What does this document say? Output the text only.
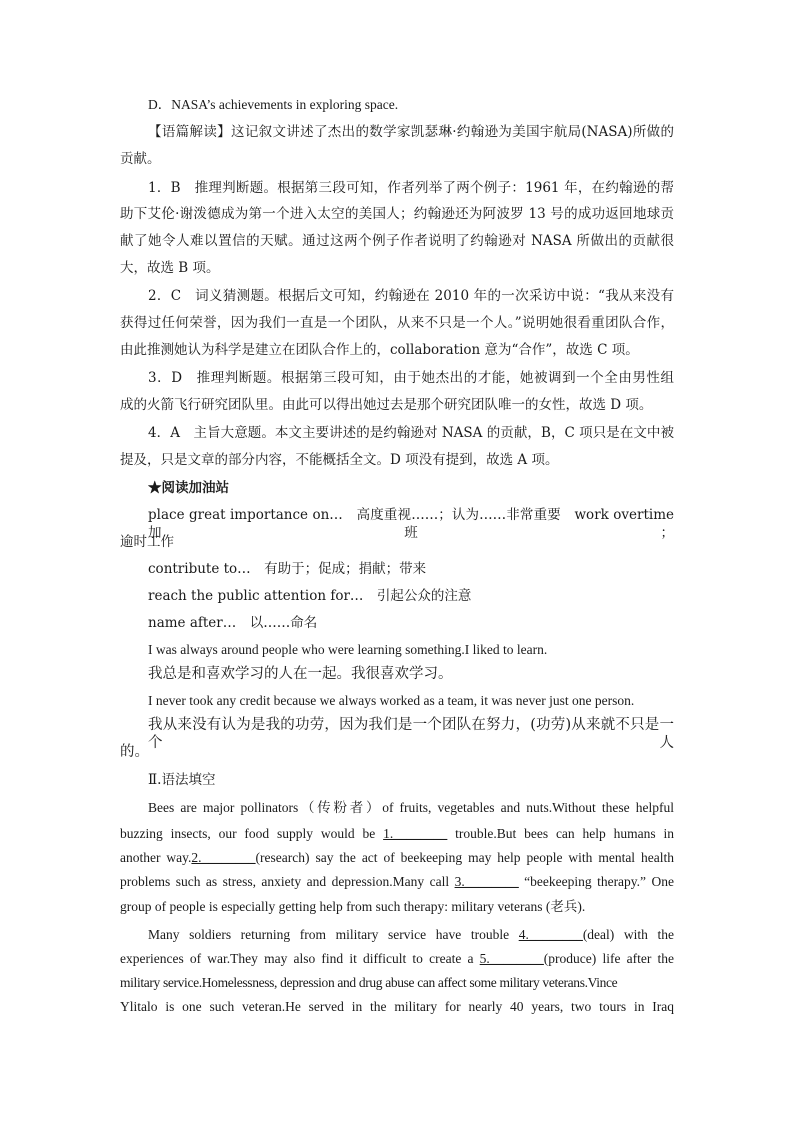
D．NASA’s achievements in exploring space.

【语篇解读】这记叙文讲述了杰出的数学家凯瑟琳·约翰逊为美国宇航局(NASA)所做的

贡献。

1．B　推理判断题。根据第三段可知，作者列举了两个例子：1961 年，在约翰逊的帮

助下艾伦·谢泼德成为第一个进入太空的美国人；约翰逊还为阿波罗 13 号的成功返回地球贡

献了她令人难以置信的天赋。通过这两个例子作者说明了约翰逊对 NASA 所做出的贡献很

大，故选 B 项。

2．C　词义猜测题。根据后文可知，约翰逊在 2010 年的一次采访中说：“我从来没有

获得过任何荣誉，因为我们一直是一个团队，从来不只是一个人。”说明她很看重团队合作，

由此推测她认为科学是建立在团队合作上的，collaboration 意为“合作”，故选 C 项。

3．D　推理判断题。根据第三段可知，由于她杰出的才能，她被调到一个全由男性组

成的火箭飞行研究团队里。由此可以得出她过去是那个研究团队唯一的女性，故选 D 项。

4．A　主旨大意题。本文主要讲述的是约翰逊对 NASA 的贡献，B，C 项只是在文中被

提及，只是文章的部分内容，不能概括全文。D 项没有提到，故选 A 项。

★阅读加油站

place great importance on…　高度重视……；认为……非常重要　work overtime　加班；

逾时工作

contribute to…　有助于；促成；捐献；带来

reach the public attention for…　引起公众的注意

name after…　以……命名

I was always around people who were learning something.I liked to learn.

我总是和喜欢学习的人在一起。我很喜欢学习。

I never took any credit because we always worked as a team, it was never just one person.

我从来没有认为是我的功劳，因为我们是一个团队在努力，(功劳)从来就不只是一个人

的。

Ⅱ.语法填空

Bees are major pollinators（传粉者）of fruits, vegetables and nuts.Without these helpful

buzzing insects, our food supply would be 1.________ trouble.But bees can help humans in

another way.2.________(research) say the act of beekeeping may help people with mental health

problems such as stress, anxiety and depression.Many call 3.________ “beekeeping therapy.” One

group of people is especially getting help from such therapy: military veterans (老兵).

Many soldiers returning from military service have trouble 4.________(deal) with the

experiences of war.They may also find it difficult to create a 5.________(produce) life after the

military service.Homelessness, depression and drug abuse can affect some military veterans.Vince

Ylitalo is one such veteran.He served in the military for nearly 40 years, two tours in Iraq
